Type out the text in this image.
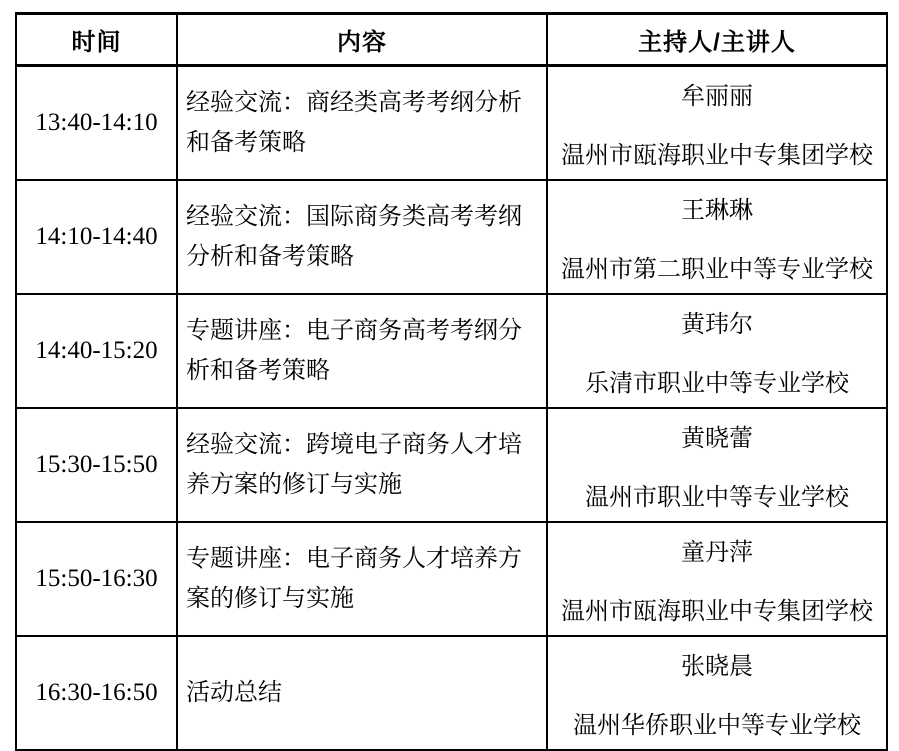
时间	内容	主持人/主讲人
13:40-14:10	经验交流：商经类高考考纲分析和备考策略	牟丽丽
温州市瓯海职业中专集团学校

14:10-14:40	经验交流：国际商务类高考考纲分析和备考策略	王琳琳
温州市第二职业中等专业学校

14:40-15:20	专题讲座：电子商务高考考纲分析和备考策略	黄玮尔
乐清市职业中等专业学校

15:30-15:50	经验交流：跨境电子商务人才培养方案的修订与实施	黄晓蕾
温州市职业中等专业学校

15:50-16:30	专题讲座：电子商务人才培养方案的修订与实施	童丹萍
温州市瓯海职业中专集团学校

16:30-16:50	活动总结	张晓晨
温州华侨职业中等专业学校
